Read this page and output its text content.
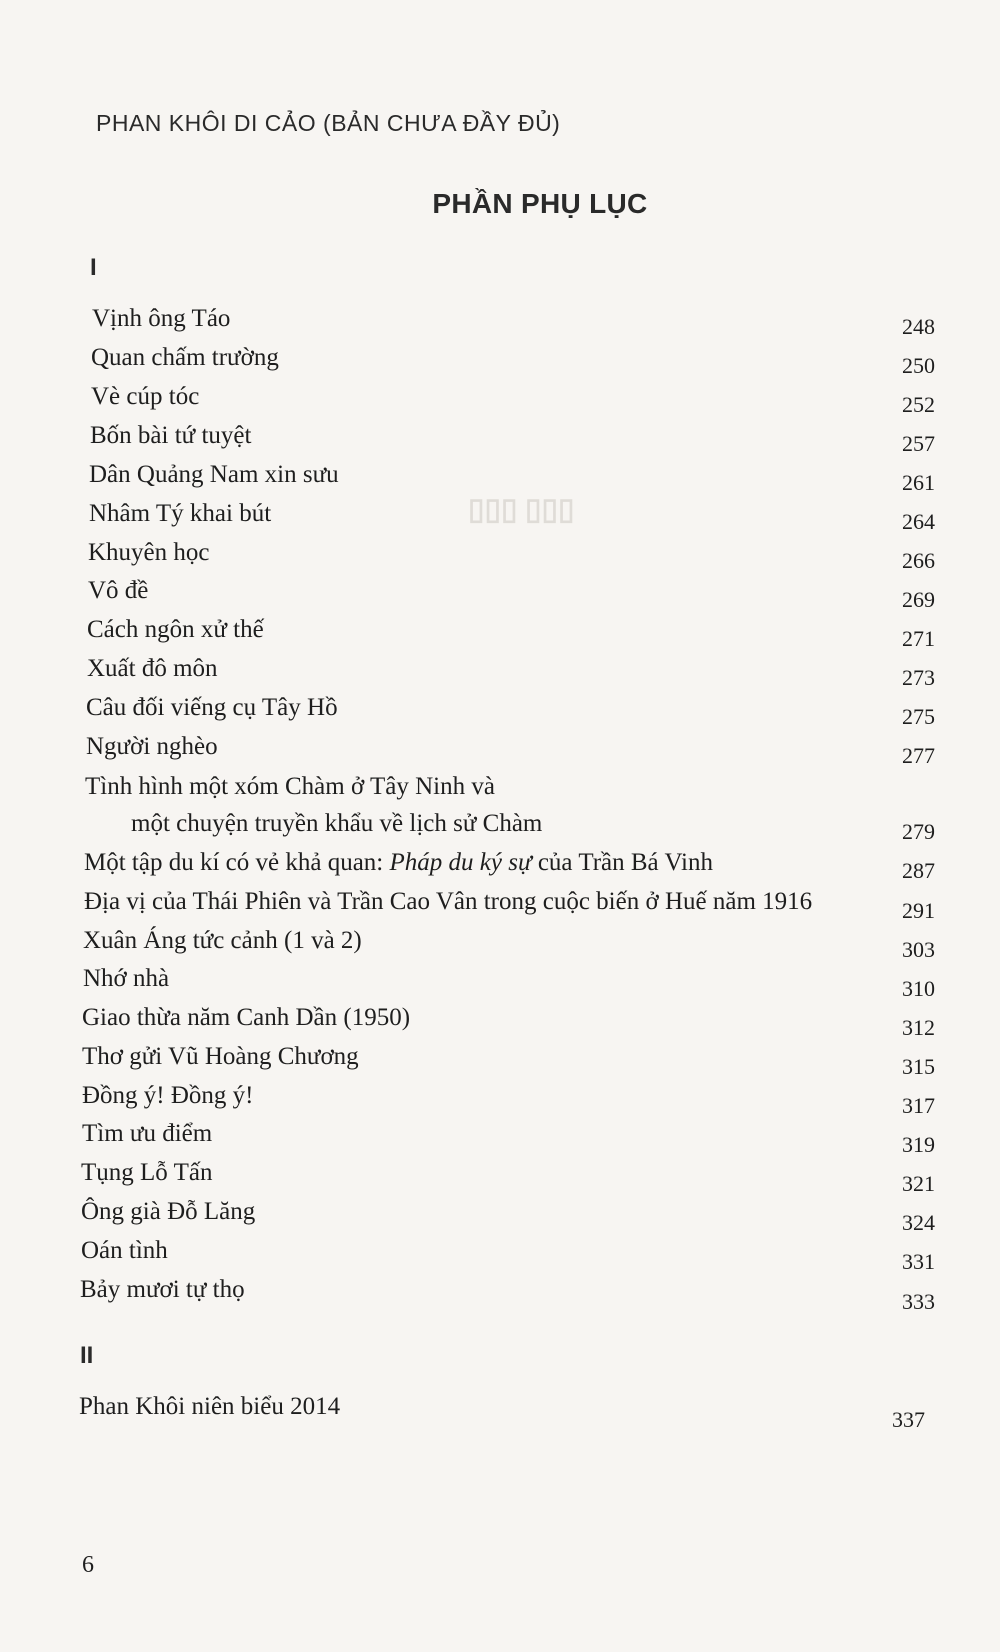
▯▯▯ ▯▯▯
PHAN KHÔI DI CẢO (BẢN CHƯA ĐẦY ĐỦ)
PHẦN PHỤ LỤC
I
Vịnh ông Táo	248
Quan chấm trường	250
Vè cúp tóc	252
Bốn bài tứ tuyệt	257
Dân Quảng Nam xin sưu	261
Nhâm Tý khai bút	264
Khuyên học	266
Vô đề	269
Cách ngôn xử thế	271
Xuất đô môn	273
Câu đối viếng cụ Tây Hồ	275
Người nghèo	277
Tình hình một xóm Chàm ở Tây Ninh và
một chuyện truyền khẩu về lịch sử Chàm	279
Một tập du kí có vẻ khả quan: Pháp du ký sự của Trần Bá Vinh	287
Địa vị của Thái Phiên và Trần Cao Vân trong cuộc biến ở Huế năm 1916	291
Xuân Áng tức cảnh (1 và 2)	303
Nhớ nhà	310
Giao thừa năm Canh Dần (1950)	312
Thơ gửi Vũ Hoàng Chương	315
Đồng ý! Đồng ý!	317
Tìm ưu điểm	319
Tụng Lỗ Tấn	321
Ông già Đỗ Lăng	324
Oán tình	331
Bảy mươi tự thọ	333
II
Phan Khôi niên biểu 2014	337
6
